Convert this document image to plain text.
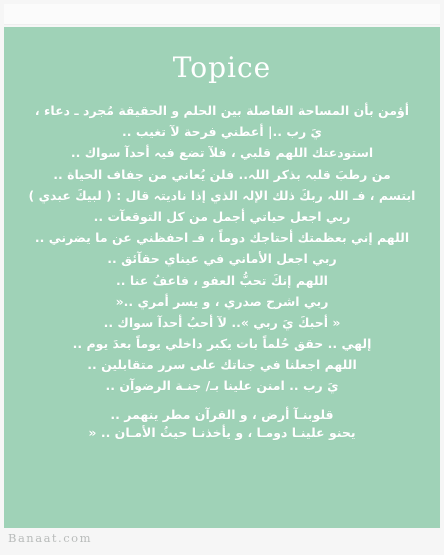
Topice
أؤمن بأن المساحة الفاصلة بين الحلم و الحقيقة مُجرد ـ دعاء ،
يَ رب ..| أعطني فرحة لآ تغيب ..
استودعتك اللهم قلبي ، فلآ تضع فيہ أحدآ سواك ..
من رطبَ قلبہ بذكر اللہ.. فلن يُعاني من جفاف الحياة ..
ابتسم ، فـ اللہ ربكَ ذلك الإلہ الذي إذا ناديتہ قال : ( لبيكَ عبدي )
ربي اجعل حياتي أجمل من كل التوقعآت ..
اللهم إني بعظمتك أحتاجك دوماً ، فـ احفظني عن ما يضرني ..
ربي اجعل الأماني في عيناي حقآئق ..
اللهم إنكَ تحبُّ العفو ، فاعفُ عنا ..
ربي اشرح صدري ، و يسر أمري ..«
« أحبكَ يَ ربي ».. لآ أحبُ أحدآ سواك ..
إلهي .. حقق حُلماً بات يكبر داخلي يوماً بعدَ يوم ..
اللهم اجعلنا في جناتك على سرر متقابلين ..
يَ رب .. امنن علينا بـ/ جنـة الرضوآن ..
قلوبنـآ أرض ، و القرآن مطر ينهمر ..
يحنو علينـا دومـا ، و يأخذنـا حيثُ الأمـان .. «
Banaat.com
